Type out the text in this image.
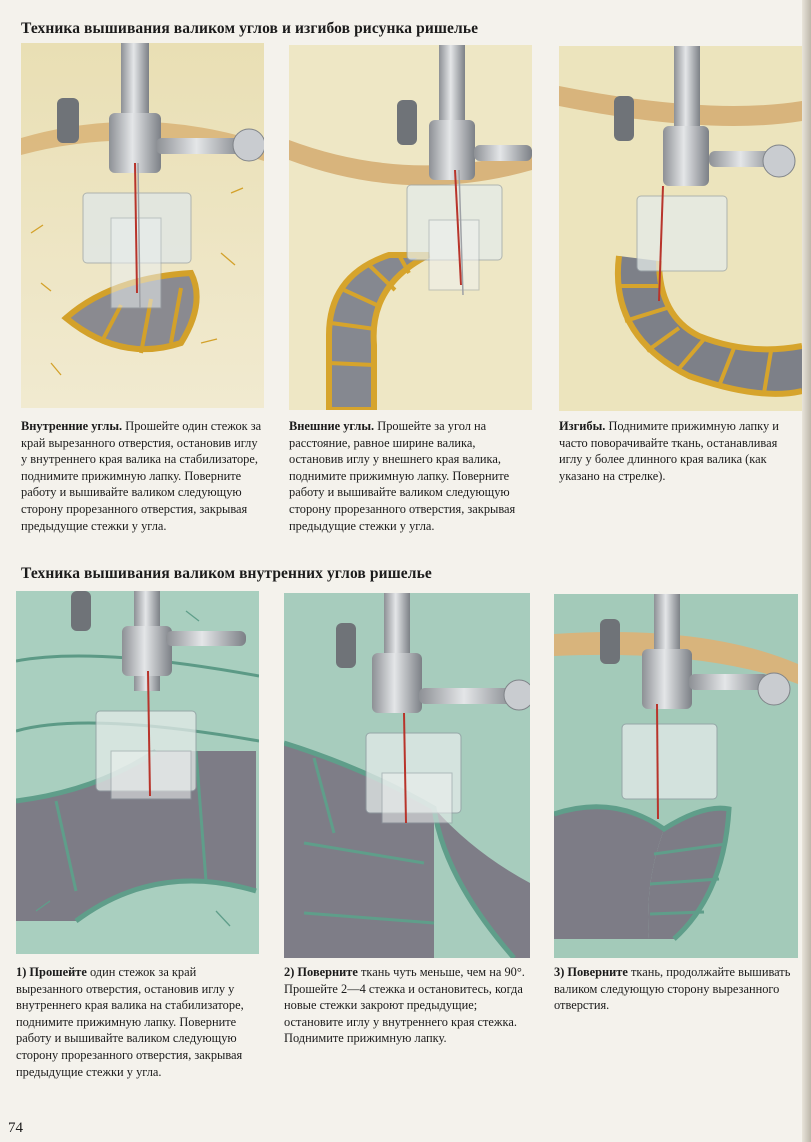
Техника вышивания валиком углов и изгибов рисунка ришелье
Внутренние углы. Прошейте один стежок за край вырезанного отверстия, остановив иглу у внутреннего края валика на стабилизаторе, поднимите прижимную лапку. Поверните работу и вышивайте валиком следующую сторону прорезанного отверстия, закрывая предыдущие стежки у угла.
Внешние углы. Прошейте за угол на расстояние, равное ширине валика, остановив иглу у внешнего края валика, поднимите прижимную лапку. Поверните работу и вышивайте валиком следующую сторону прорезанного отверстия, закрывая предыдущие стежки у угла.
Изгибы. Поднимите прижимную лапку и часто поворачивайте ткань, останавливая иглу у более длинного края валика (как указано на стрелке).
Техника вышивания валиком внутренних углов ришелье
1) Прошейте один стежок за край вырезанного отверстия, остановив иглу у внутреннего края валика на стабилизаторе, поднимите прижимную лапку. Поверните работу и вышивайте валиком следующую сторону прорезанного отверстия, закрывая предыдущие стежки у угла.
2) Поверните ткань чуть меньше, чем на 90°. Прошейте 2—4 стежка и остановитесь, когда новые стежки закроют предыдущие; остановите иглу у внутреннего края стежка. Поднимите прижимную лапку.
3) Поверните ткань, продолжайте вышивать валиком следующую сторону вырезанного отверстия.
74
